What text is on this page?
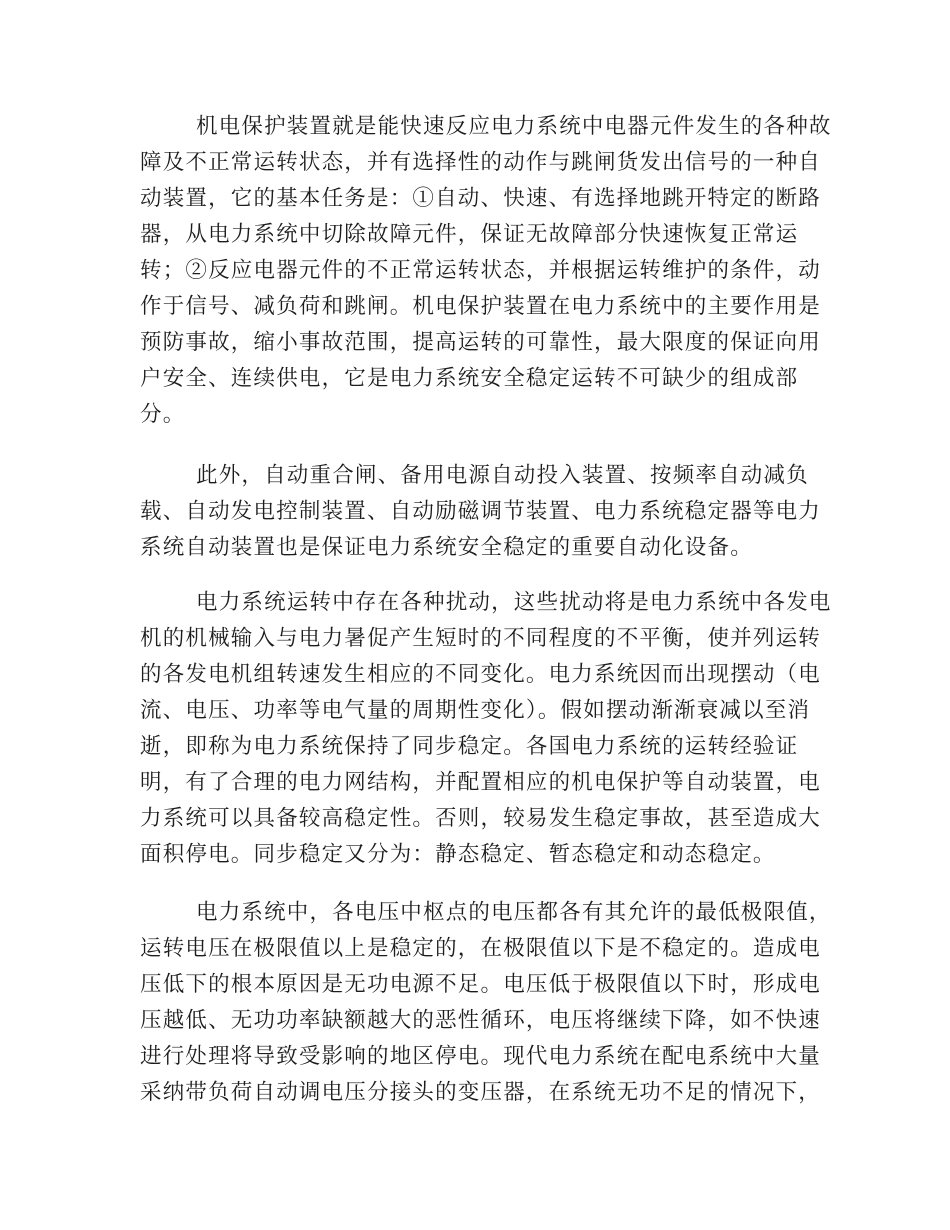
机电保护装置就是能快速反应电力系统中电器元件发生的各种故
障及不正常运转状态，并有选择性的动作与跳闸货发出信号的一种自
动装置，它的基本任务是：①自动、快速、有选择地跳开特定的断路
器，从电力系统中切除故障元件，保证无故障部分快速恢复正常运
转；②反应电器元件的不正常运转状态，并根据运转维护的条件，动
作于信号、减负荷和跳闸。机电保护装置在电力系统中的主要作用是
预防事故，缩小事故范围，提高运转的可靠性，最大限度的保证向用
户安全、连续供电，它是电力系统安全稳定运转不可缺少的组成部
分。
此外，自动重合闸、备用电源自动投入装置、按频率自动减负
载、自动发电控制装置、自动励磁调节装置、电力系统稳定器等电力
系统自动装置也是保证电力系统安全稳定的重要自动化设备。
电力系统运转中存在各种扰动，这些扰动将是电力系统中各发电
机的机械输入与电力暑促产生短时的不同程度的不平衡，使并列运转
的各发电机组转速发生相应的不同变化。电力系统因而出现摆动（电
流、电压、功率等电气量的周期性变化）。假如摆动渐渐衰减以至消
逝，即称为电力系统保持了同步稳定。各国电力系统的运转经验证
明，有了合理的电力网结构，并配置相应的机电保护等自动装置，电
力系统可以具备较高稳定性。否则，较易发生稳定事故，甚至造成大
面积停电。同步稳定又分为：静态稳定、暂态稳定和动态稳定。
电力系统中，各电压中枢点的电压都各有其允许的最低极限值，
运转电压在极限值以上是稳定的，在极限值以下是不稳定的。造成电
压低下的根本原因是无功电源不足。电压低于极限值以下时，形成电
压越低、无功功率缺额越大的恶性循环，电压将继续下降，如不快速
进行处理将导致受影响的地区停电。现代电力系统在配电系统中大量
采纳带负荷自动调电压分接头的变压器，在系统无功不足的情况下，
